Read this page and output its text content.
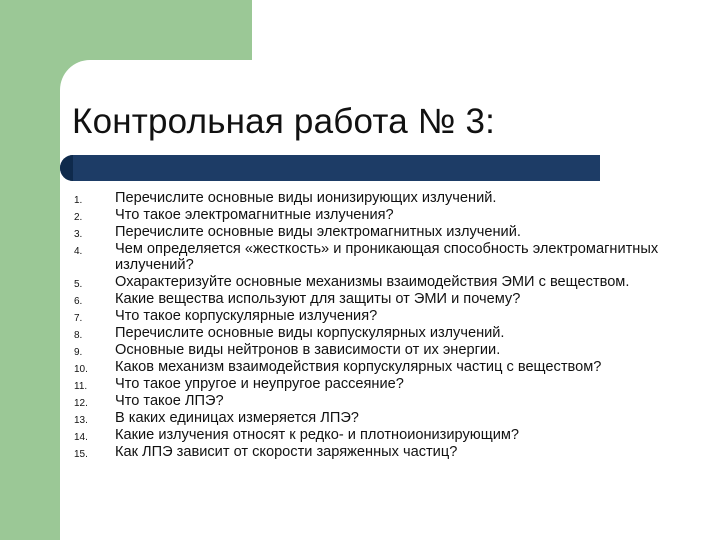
Контрольная работа № 3:
1. Перечислите основные виды ионизирующих излучений.
2. Что такое электромагнитные излучения?
3. Перечислите основные виды электромагнитных излучений.
4. Чем определяется «жесткость» и проникающая способность электромагнитных излучений?
5. Охарактеризуйте основные механизмы взаимодействия ЭМИ с веществом.
6. Какие вещества используют для защиты от ЭМИ и почему?
7. Что такое корпускулярные излучения?
8. Перечислите основные виды корпускулярных излучений.
9. Основные виды нейтронов в зависимости от их энергии.
10. Каков механизм взаимодействия корпускулярных частиц с веществом?
11. Что такое упругое и неупругое рассеяние?
12. Что такое ЛПЭ?
13. В каких единицах измеряется ЛПЭ?
14. Какие излучения относят к редко- и плотноионизирующим?
15. Как ЛПЭ зависит от скорости заряженных частиц?
